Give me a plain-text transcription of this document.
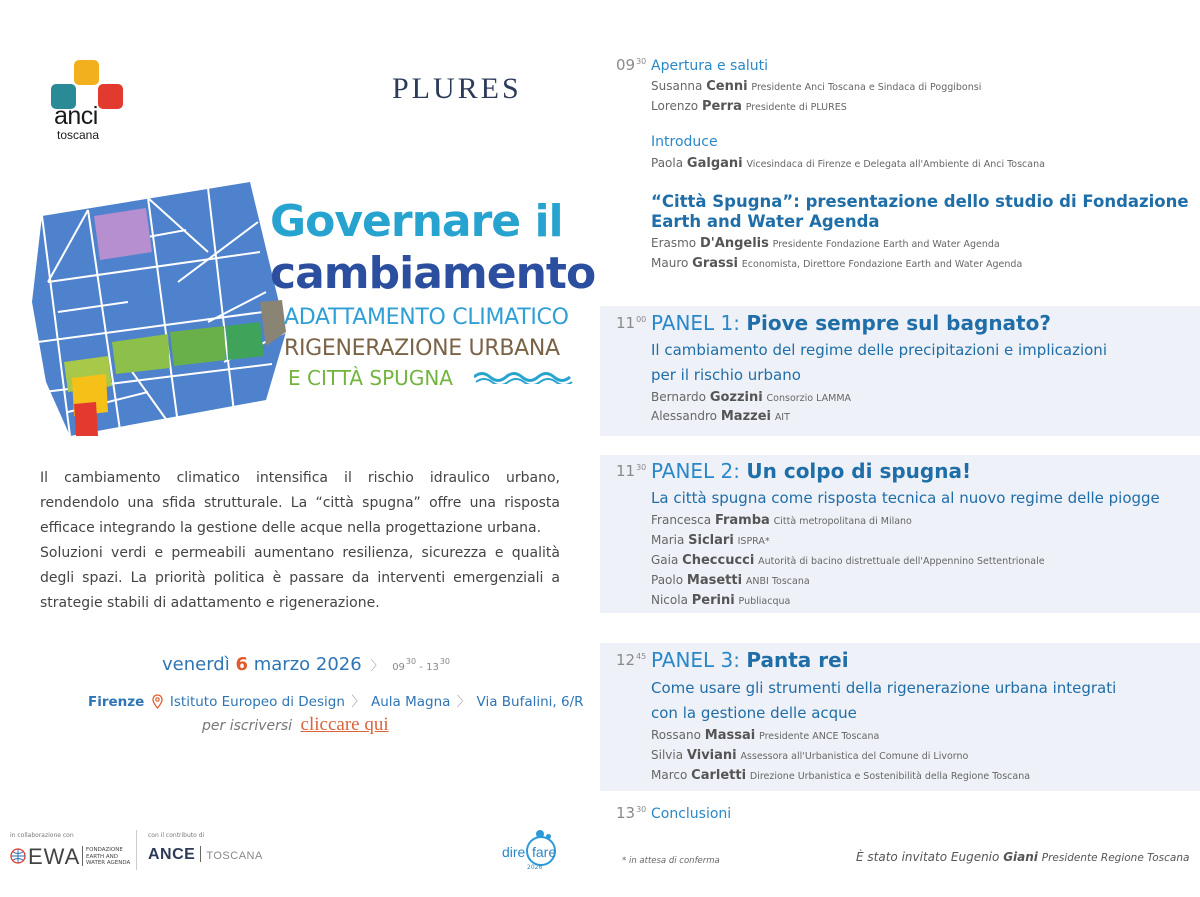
anci
toscana
PLURES
Governare il
cambiamento
ADATTAMENTO CLIMATICO
RIGENERAZIONE URBANA
E CITTÀ SPUGNA

Il cambiamento climatico intensifica il rischio idraulico urbano, rendendolo una sfida strutturale. La “città spugna” offre una risposta efficace integrando la gestione delle acque nella progettazione urbana.

Soluzioni verdi e permeabili aumentano resilienza, sicurezza e qualità degli spazi. La priorità politica è passare da interventi emergenziali a strategie stabili di adattamento e rigenerazione.

venerdì 6 marzo 2026 〉 $09^{30} - 13^{30}$
Firenze Istituto Europeo di Design 〉 Aula Magna 〉 Via Bufalini, 6/R
per iscriversi cliccare qui
in collaborazione con
EWA FONDAZIONE EARTH AND WATER AGENDA
con il contributo di
ANCE TOSCANA	dire fare
2026
$09^{30}$ Apertura e saluti
Susanna Cenni Presidente Anci Toscana e Sindaca di Poggibonsi
Lorenzo Perra Presidente di PLURES
Introduce
Paola Galgani Vicesindaca di Firenze e Delegata all'Ambiente di Anci Toscana
“Città Spugna”: presentazione dello studio di Fondazione
Earth and Water Agenda
Erasmo D'Angelis Presidente Fondazione Earth and Water Agenda
Mauro Grassi Economista, Direttore Fondazione Earth and Water Agenda
$11^{00}$ PANEL 1: Piove sempre sul bagnato?
Il cambiamento del regime delle precipitazioni e implicazioni
per il rischio urbano
Bernardo Gozzini Consorzio LAMMA
Alessandro Mazzei AIT
$11^{30}$ PANEL 2: Un colpo di spugna!
La città spugna come risposta tecnica al nuovo regime delle piogge
Francesca Framba Città metropolitana di Milano
Maria Siclari ISPRA*
Gaia Checcucci Autorità di bacino distrettuale dell'Appennino Settentrionale
Paolo Masetti ANBI Toscana
Nicola Perini Publiacqua
$12^{45}$ PANEL 3: Panta rei
Come usare gli strumenti della rigenerazione urbana integrati
con la gestione delle acque
Rossano Massai Presidente ANCE Toscana
Silvia Viviani Assessora all'Urbanistica del Comune di Livorno
Marco Carletti Direzione Urbanistica e Sostenibilità della Regione Toscana
$13^{30}$ Conclusioni
* in attesa di conferma	È stato invitato Eugenio Giani Presidente Regione Toscana
